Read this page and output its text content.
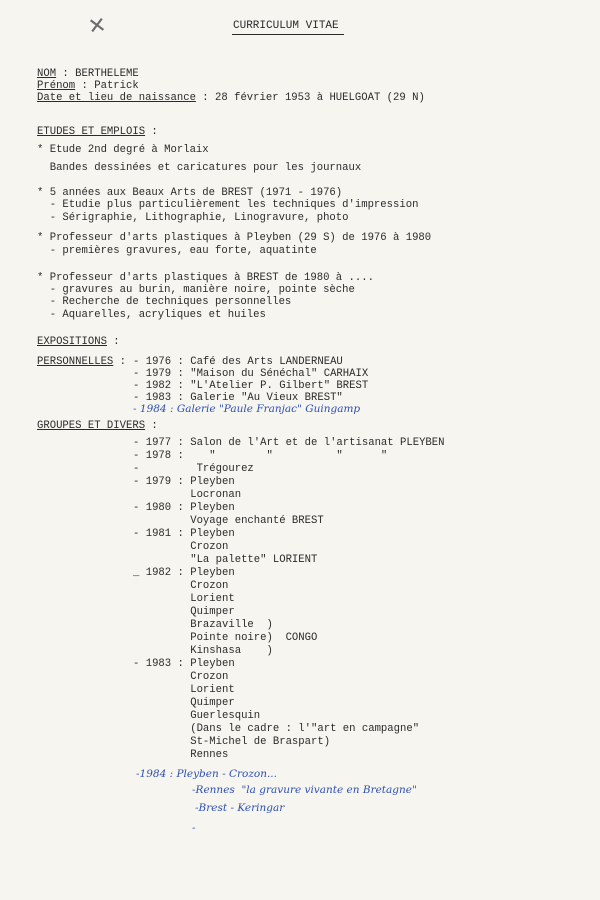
✕	CURRICULUM VITAE
NOM : BERTHELEME
Prénom : Patrick
Date et lieu de naissance : 28 février 1953 à HUELGOAT (29 N)
ETUDES ET EMPLOIS :
* Etude 2nd degré à Morlaix
Bandes dessinées et caricatures pour les journaux
* 5 années aux Beaux Arts de BREST (1971 - 1976)
- Etudie plus particulièrement les techniques d'impression
- Sérigraphie, Lithographie, Linogravure, photo
* Professeur d'arts plastiques à Pleyben (29 S) de 1976 à 1980
- premières gravures, eau forte, aquatinte
* Professeur d'arts plastiques à BREST de 1980 à ....
- gravures au burin, manière noire, pointe sèche
- Recherche de techniques personnelles
- Aquarelles, acryliques et huiles
EXPOSITIONS :
PERSONNELLES : - 1976 : Café des Arts LANDERNEAU
- 1979 : "Maison du Sénéchal" CARHAIX
- 1982 : "L'Atelier P. Gilbert" BREST
- 1983 : Galerie "Au Vieux BREST"
- 1984 : Galerie "Paule Franjac" Guingamp
GROUPES ET DIVERS :
- 1977 : Salon de l'Art et de l'artisanat PLEYBEN
- 1978 :    "        "          "      "
-         Trégourez
- 1979 : Pleyben
Locronan
- 1980 : Pleyben
Voyage enchanté BREST
- 1981 : Pleyben
Crozon
"La palette" LORIENT
_ 1982 : Pleyben
Crozon
Lorient
Quimper
Brazaville  )
Pointe noire)  CONGO
Kinshasa    )
- 1983 : Pleyben
Crozon
Lorient
Quimper
Guerlesquin
(Dans le cadre : l'"art en campagne"
St-Michel de Braspart)
Rennes
-1984 : Pleyben - Crozon...
-Rennes  "la gravure vivante en Bretagne"
-Brest - Keringar
-
